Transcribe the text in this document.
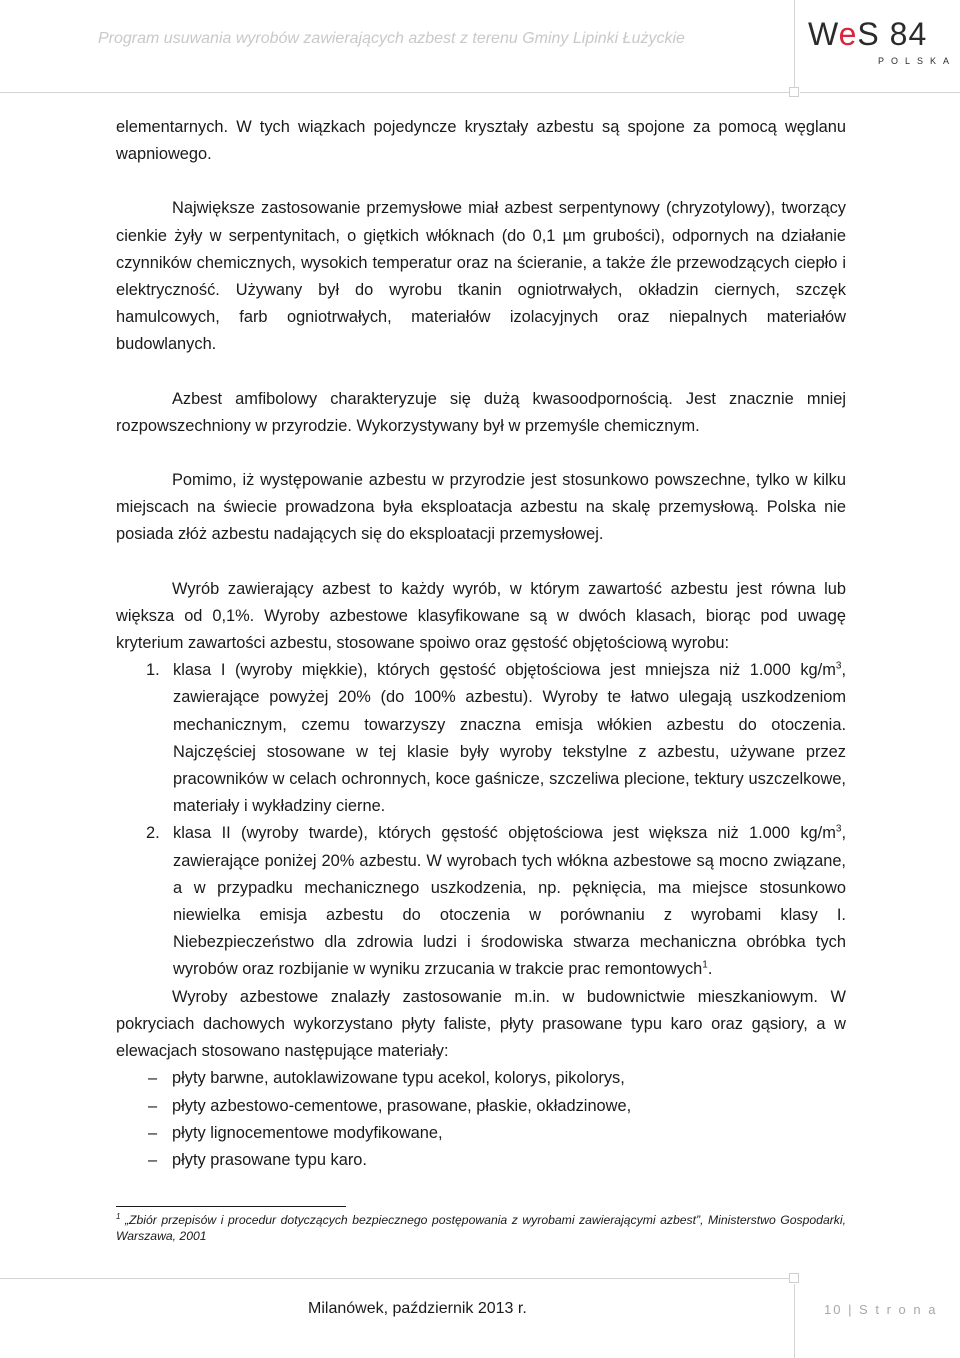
Program usuwania wyrobów zawierających azbest z terenu Gminy Lipinki Łużyckie	WeS 84
POLSKA

elementarnych. W tych wiązkach pojedyncze kryształy azbestu są spojone za pomocą węglanu wapniowego.

Największe zastosowanie przemysłowe miał azbest serpentynowy (chryzotylowy), tworzący cienkie żyły w serpentynitach, o giętkich włóknach (do 0,1 µm grubości), odpornych na działanie czynników chemicznych, wysokich temperatur oraz na ścieranie, a także źle przewodzących ciepło i elektryczność. Używany był do wyrobu tkanin ogniotrwałych, okładzin ciernych, szczęk hamulcowych, farb ogniotrwałych, materiałów izolacyjnych oraz niepalnych materiałów budowlanych.

Azbest amfibolowy charakteryzuje się dużą kwasoodpornością. Jest znacznie mniej rozpowszechniony w przyrodzie. Wykorzystywany był w przemyśle chemicznym.

Pomimo, iż występowanie azbestu w przyrodzie jest stosunkowo powszechne, tylko w kilku miejscach na świecie prowadzona była eksploatacja azbestu na skalę przemysłową. Polska nie posiada złóż azbestu nadających się do eksploatacji przemysłowej.

Wyrób zawierający azbest to każdy wyrób, w którym zawartość azbestu jest równa lub większa od 0,1%. Wyroby azbestowe klasyfikowane są w dwóch klasach, biorąc pod uwagę kryterium zawartości azbestu, stosowane spoiwo oraz gęstość objętościową wyrobu:

1. klasa I (wyroby miękkie), których gęstość objętościowa jest mniejsza niż 1.000 $kg/m^3$, zawierające powyżej 20% (do 100% azbestu). Wyroby te łatwo ulegają uszkodzeniom mechanicznym, czemu towarzyszy znaczna emisja włókien azbestu do otoczenia. Najczęściej stosowane w tej klasie były wyroby tekstylne z azbestu, używane przez pracowników w celach ochronnych, koce gaśnicze, szczeliwa plecione, tektury uszczelkowe, materiały i wykładziny cierne.
2. klasa II (wyroby twarde), których gęstość objętościowa jest większa niż 1.000 $kg/m^3$, zawierające poniżej 20% azbestu. W wyrobach tych włókna azbestowe są mocno związane, a w przypadku mechanicznego uszkodzenia, np. pęknięcia, ma miejsce stosunkowo niewielka emisja azbestu do otoczenia w porównaniu z wyrobami klasy I. Niebezpieczeństwo dla zdrowia ludzi i środowiska stwarza mechaniczna obróbka tych wyrobów oraz rozbijanie w wyniku zrzucania w trakcie prac remontowych$^1$.

Wyroby azbestowe znalazły zastosowanie m.in. w budownictwie mieszkaniowym. W pokryciach dachowych wykorzystano płyty faliste, płyty prasowane typu karo oraz gąsiory, a w elewacjach stosowano następujące materiały:

– płyty barwne, autoklawizowane typu acekol, kolorys, pikolorys,
– płyty azbestowo-cementowe, prasowane, płaskie, okładzinowe,
– płyty lignocementowe modyfikowane,
– płyty prasowane typu karo.
$^1$ „Zbiór przepisów i procedur dotyczących bezpiecznego postępowania z wyrobami zawierającymi azbest”, Ministerstwo Gospodarki, Warszawa, 2001
Milanówek, październik 2013 r.	10 | S t r o n a
